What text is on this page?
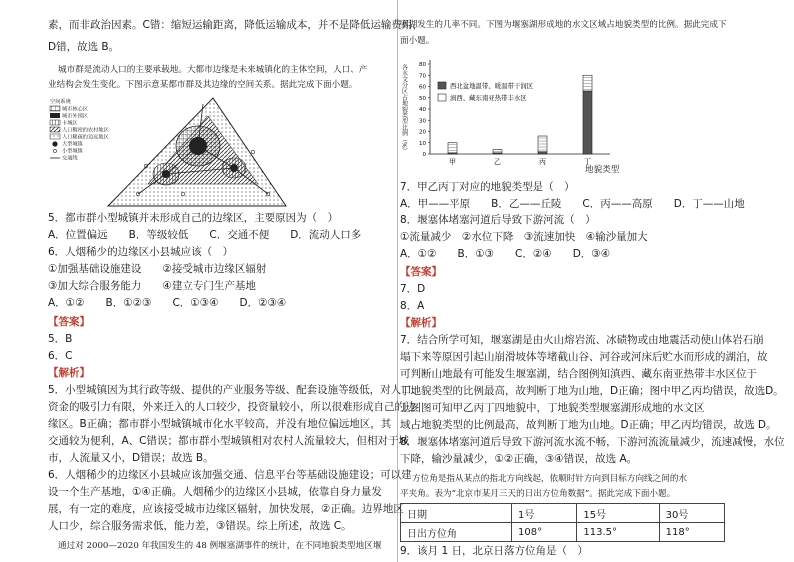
素，而非政治因素。C错：缩短运输距离，降低运输成本，并不是降低运输费用，
D错，故选 B。
城市群是流动人口的主要承载地。大都市边缘是未来城镇化的主体空间，人口、产
业结构会发生变化。下图示意某都市群及其边缘的空间关系。据此完成下面小题。
空间系统
城市核心区
城市外围区
卡城区
人口稠密的农村地区
人口稀疏的边远地区
大型城镇
小型城镇
交通线
5．都市群小型城镇并未形成自己的边缘区，主要原因为（　）
A．位置偏远　　B．等级较低　　C．交通不便　　D．流动人口多
6．人烟稀少的边缘区小县城应该（　）
①加强基础设施建设　　②接受城市边缘区辐射
③加大综合服务能力　　④建立专门生产基地
A．①②　　B．①②③　　C．①③④　　D．②③④
【答案】
5．B
6．C
【解析】
5．小型城镇因为其行政等级、提供的产业服务等级、配套设施等级低，对人口、
资金的吸引力有限，外来迁入的人口较少，投资量较小，所以很难形成自己的边
缘区。B正确；都市群小型城镇城市化水平较高，并没有地位偏远地区，其
交通较为便利，A、C错误；都市群小型城镇相对农村人流量较大，但相对于城
市，人流量又小，D错误；故选 B。
6．人烟稀少的边缘区小县城应该加强交通、信息平台等基础设施建设；可以建
设一个生产基地，①④正确。人烟稀少的边缘区小县城，依靠自身力量发
展，有一定的难度，应该接受城市边缘区辐射，加快发展，②正确。边界地区
人口少，综合服务需求低，能力差，③错误。综上所述，故选 C。
通过对 2000—2020 年我国发生的 48 例堰塞湖事件的统计，在不同地貌类型地区堰
塞湖发生的几率不同。下图为堰塞湖形成地的水文区域占地貌类型的比例。据此完成下
面小题。
各水文分区占地貌类型比例（%）
0
10
20
30
40
50
60
70
80
甲	乙	丙	丁
西北盆地温带、暖温带干润区
滇西、藏东南亚热带丰水区
地貌类型
7．甲乙丙丁对应的地貌类型是（　）
A．甲——平原　　B．乙——丘陵　　C．丙——高原　　D．丁——山地
8．堰塞体堵塞河道后导致下游河流（　）
①流量减少　②水位下降　③流速加快　④输沙量加大
A．①②　　B．①③　　C．②④　　D．③④
【答案】
7．D
8．A
【解析】
7．结合所学可知，堰塞湖是由火山熔岩流、冰碛物或由地震活动使山体岩石崩
塌下来等原因引起山崩滑坡体等堵截山谷、河谷或河床后贮水而形成的湖泊，故
可判断山地最有可能发生堰塞湖，结合图例知滇西、藏东南亚热带丰水区位于
丁地貌类型的比例最高，故判断丁地为山地，D正确；图中甲乙丙均错误，故选D。
上图图可知甲乙丙丁四地貌中，丁地貌类型堰塞湖形成地的水文区
域占地貌类型的比例最高，故判断丁地为山地。D正确；甲乙丙均错误，故选 D。
8．堰塞体堵塞河道后导致下游河流水流不畅，下游河流流量减少，流速减慢，水位
下降，输沙量减少，①②正确，③④错误，故选 A。
方位角是指从某点的指北方向线起，依顺时针方向到目标方向线之间的水
平夹角。表为“北京市某月三天的日出方位角数据”。据此完成下面小题。
日期	1号	15号	30号
日出方位角	108°	113.5°	118°
9．该月 1 日，北京日落方位角是（　）
